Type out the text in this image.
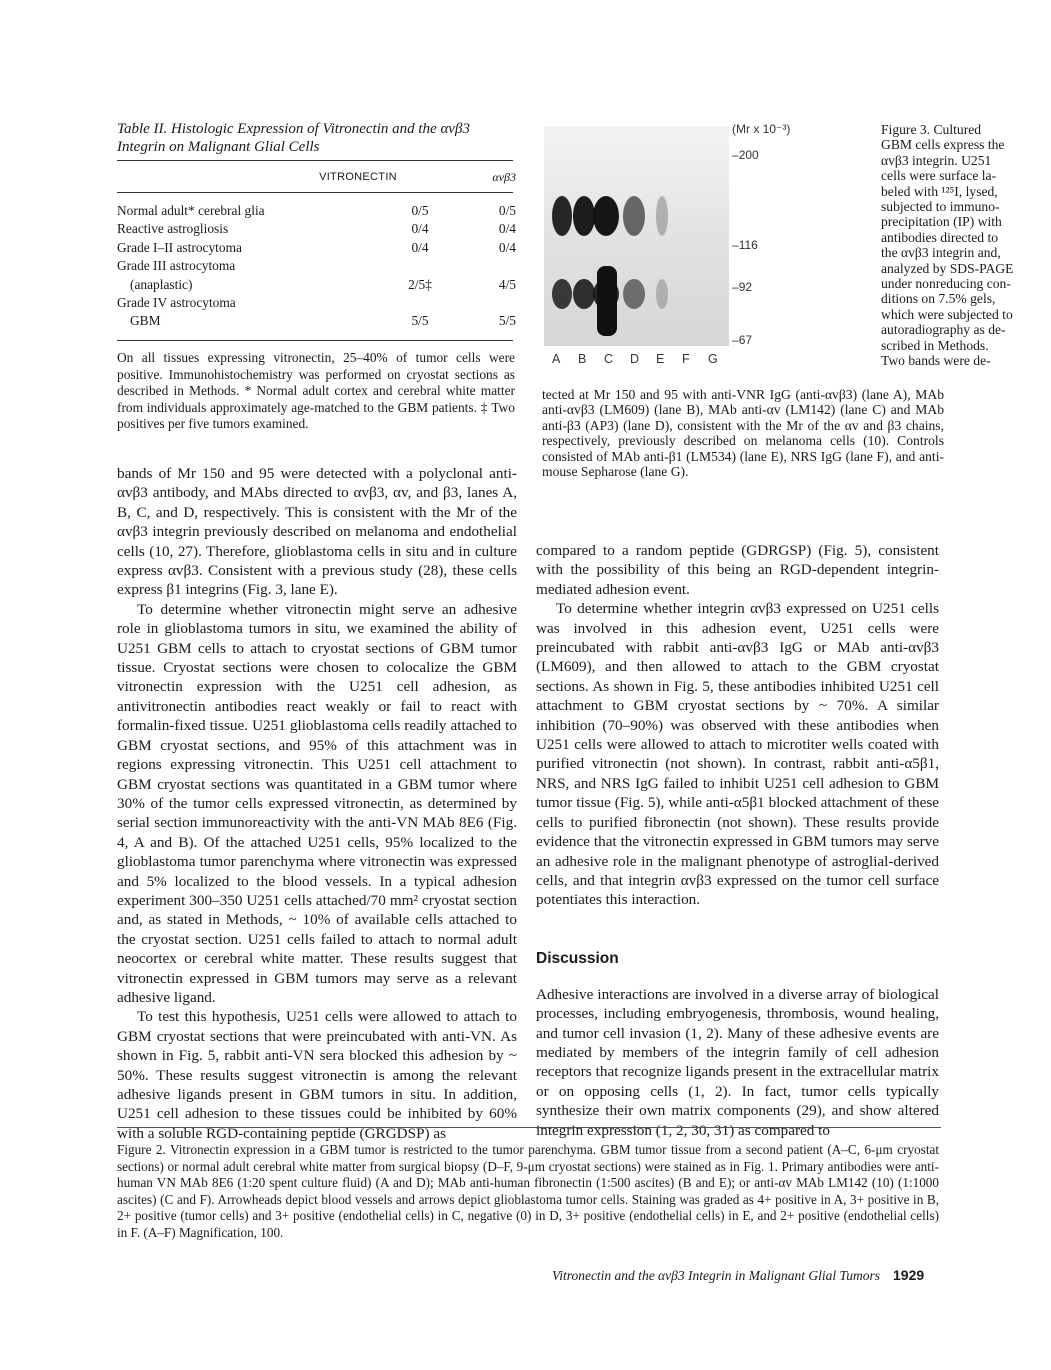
Table II. Histologic Expression of Vitronectin and the αvβ3
Integrin on Malignant Glial Cells
VITRONECTIN	αvβ3
Normal adult* cerebral glia	0/5	0/5
Reactive astrogliosis	0/4	0/4
Grade I–II astrocytoma	0/4	0/4
Grade III astrocytoma		
(anaplastic)	2/5‡	4/5
Grade IV astrocytoma		
GBM	5/5	5/5

On all tissues expressing vitronectin, 25–40% of tumor cells were positive. Immunohistochemistry was performed on cryostat sections as described in Methods. * Normal adult cortex and cerebral white matter from individuals approximately age-matched to the GBM patients. ‡ Two positives per five tumors examined.

(Mr x 10⁻³)
–200
–116
–92
–67
A B C D E F G
Figure 3. Cultured
GBM cells express the
αvβ3 integrin. U251
cells were surface la-
beled with ¹²⁵I, lysed,
subjected to immuno-
precipitation (IP) with
antibodies directed to
the αvβ3 integrin and,
analyzed by SDS-PAGE
under nonreducing con-
ditions on 7.5% gels,
which were subjected to
autoradiography as de-
scribed in Methods.
Two bands were de-

tected at Mr 150 and 95 with anti-VNR IgG (anti-αvβ3) (lane A), MAb anti-αvβ3 (LM609) (lane B), MAb anti-αv (LM142) (lane C) and MAb anti-β3 (AP3) (lane D), consistent with the Mr of the αv and β3 chains, respectively, previously described on melanoma cells (10). Controls consisted of MAb anti-β1 (LM534) (lane E), NRS IgG (lane F), and anti-mouse Sepharose (lane G).

bands of Mr 150 and 95 were detected with a polyclonal anti-αvβ3 antibody, and MAbs directed to αvβ3, αv, and β3, lanes A, B, C, and D, respectively. This is consistent with the Mr of the αvβ3 integrin previously described on melanoma and endothelial cells (10, 27). Therefore, glioblastoma cells in situ and in culture express αvβ3. Consistent with a previous study (28), these cells express β1 integrins (Fig. 3, lane E).

To determine whether vitronectin might serve an adhesive role in glioblastoma tumors in situ, we examined the ability of U251 GBM cells to attach to cryostat sections of GBM tumor tissue. Cryostat sections were chosen to colocalize the GBM vitronectin expression with the U251 cell adhesion, as antivitronectin antibodies react weakly or fail to react with formalin-fixed tissue. U251 glioblastoma cells readily attached to GBM cryostat sections, and 95% of this attachment was in regions expressing vitronectin. This U251 cell attachment to GBM cryostat sections was quantitated in a GBM tumor where 30% of the tumor cells expressed vitronectin, as determined by serial section immunoreactivity with the anti-VN MAb 8E6 (Fig. 4, A and B). Of the attached U251 cells, 95% localized to the glioblastoma tumor parenchyma where vitronectin was expressed and 5% localized to the blood vessels. In a typical adhesion experiment 300–350 U251 cells attached/70 mm² cryostat section and, as stated in Methods, ~ 10% of available cells attached to the cryostat section. U251 cells failed to attach to normal adult neocortex or cerebral white matter. These results suggest that vitronectin expressed in GBM tumors may serve as a relevant adhesive ligand.

To test this hypothesis, U251 cells were allowed to attach to GBM cryostat sections that were preincubated with anti-VN. As shown in Fig. 5, rabbit anti-VN sera blocked this adhesion by ~ 50%. These results suggest vitronectin is among the relevant adhesive ligands present in GBM tumors in situ. In addition, U251 cell adhesion to these tissues could be inhibited by 60% with a soluble RGD-containing peptide (GRGDSP) as

compared to a random peptide (GDRGSP) (Fig. 5), consistent with the possibility of this being an RGD-dependent integrin-mediated adhesion event.

To determine whether integrin αvβ3 expressed on U251 cells was involved in this adhesion event, U251 cells were preincubated with rabbit anti-αvβ3 IgG or MAb anti-αvβ3 (LM609), and then allowed to attach to the GBM cryostat sections. As shown in Fig. 5, these antibodies inhibited U251 cell attachment to GBM cryostat sections by ~ 70%. A similar inhibition (70–90%) was observed with these antibodies when U251 cells were allowed to attach to microtiter wells coated with purified vitronectin (not shown). In contrast, rabbit anti-α5β1, NRS, and NRS IgG failed to inhibit U251 cell adhesion to GBM tumor tissue (Fig. 5), while anti-α5β1 blocked attachment of these cells to purified fibronectin (not shown). These results provide evidence that the vitronectin expressed in GBM tumors may serve an adhesive role in the malignant phenotype of astroglial-derived cells, and that integrin αvβ3 expressed on the tumor cell surface potentiates this interaction.

Discussion

Adhesive interactions are involved in a diverse array of biological processes, including embryogenesis, thrombosis, wound healing, and tumor cell invasion (1, 2). Many of these adhesive events are mediated by members of the integrin family of cell adhesion receptors that recognize ligands present in the extracellular matrix or on opposing cells (1, 2). In fact, tumor cells typically synthesize their own matrix components (29), and show altered integrin expression (1, 2, 30, 31) as compared to

Figure 2. Vitronectin expression in a GBM tumor is restricted to the tumor parenchyma. GBM tumor tissue from a second patient (A–C, 6-μm cryostat sections) or normal adult cerebral white matter from surgical biopsy (D–F, 9-μm cryostat sections) were stained as in Fig. 1. Primary antibodies were anti-human VN MAb 8E6 (1:20 spent culture fluid) (A and D); MAb anti-human fibronectin (1:500 ascites) (B and E); or anti-αv MAb LM142 (10) (1:1000 ascites) (C and F). Arrowheads depict blood vessels and arrows depict glioblastoma tumor cells. Staining was graded as 4+ positive in A, 3+ positive in B, 2+ positive (tumor cells) and 3+ positive (endothelial cells) in C, negative (0) in D, 3+ positive (endothelial cells) in E, and 2+ positive (endothelial cells) in F. (A–F) Magnification, 100.

Vitronectin and the αvβ3 Integrin in Malignant Glial Tumors 1929
